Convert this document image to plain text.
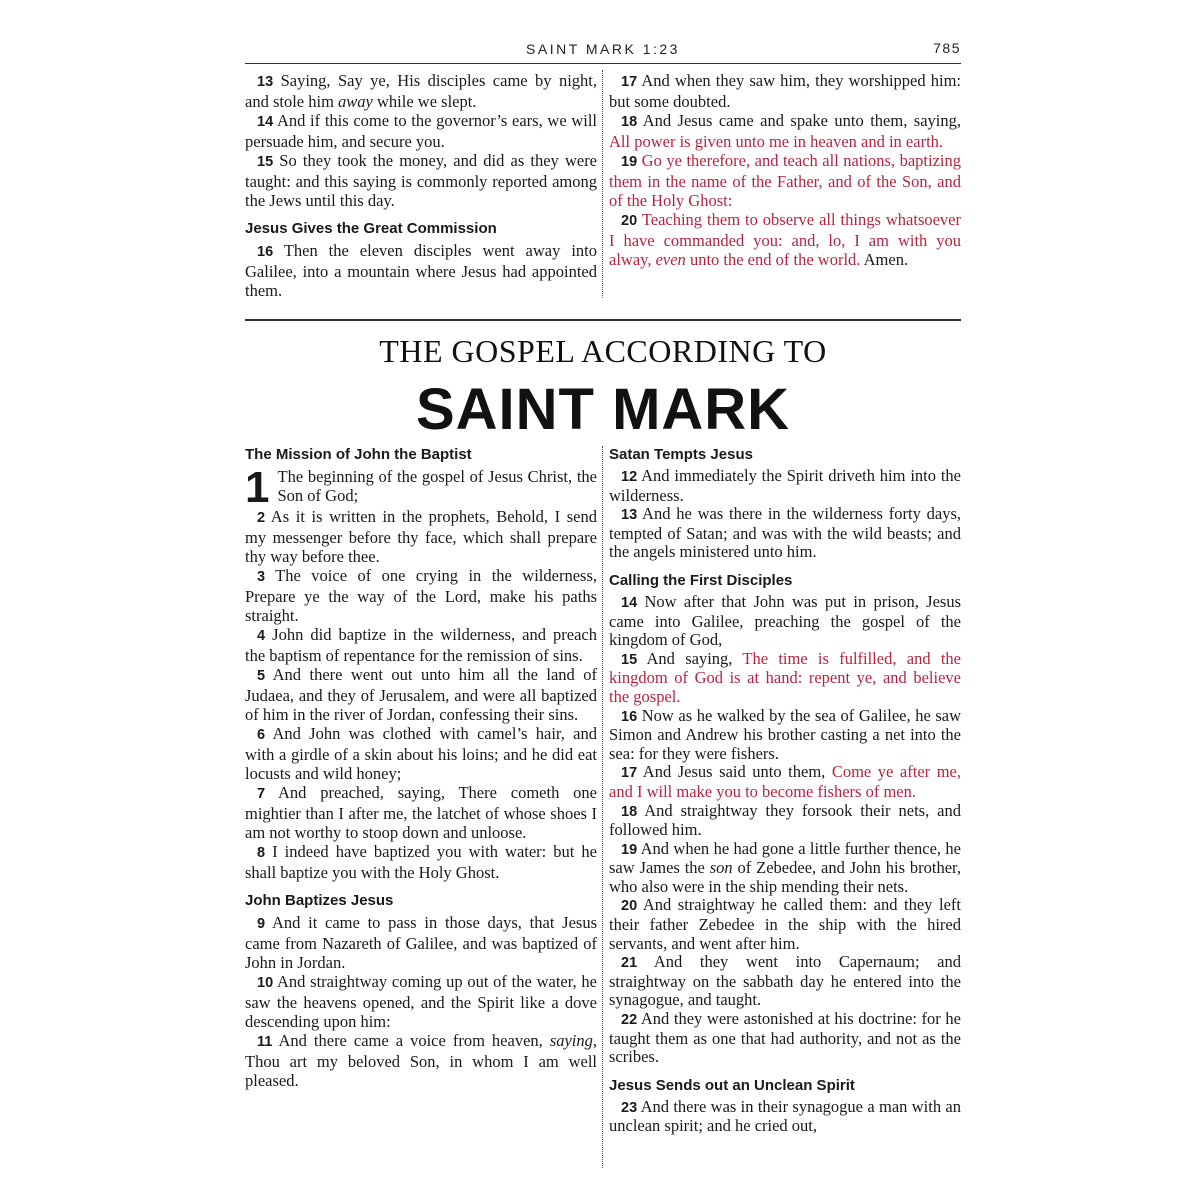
SAINT MARK 1:23	785

13 Saying, Say ye, His disciples came by night, and stole him away while we slept.

14 And if this come to the governor’s ears, we will persuade him, and secure you.

15 So they took the money, and did as they were taught: and this saying is commonly reported among the Jews until this day.

Jesus Gives the Great Commission

16 Then the eleven disciples went away into Galilee, into a mountain where Jesus had appointed them.

17 And when they saw him, they worshipped him: but some doubted.

18 And Jesus came and spake unto them, saying, All power is given unto me in heaven and in earth.

19 Go ye therefore, and teach all nations, baptizing them in the name of the Father, and of the Son, and of the Holy Ghost:

20 Teaching them to observe all things whatsoever I have commanded you: and, lo, I am with you alway, even unto the end of the world. Amen.

THE GOSPEL ACCORDING TO
SAINT MARK
The Mission of John the Baptist

1 The beginning of the gospel of Jesus Christ, the Son of God;

2 As it is written in the prophets, Behold, I send my messenger before thy face, which shall prepare thy way before thee.

3 The voice of one crying in the wilderness, Prepare ye the way of the Lord, make his paths straight.

4 John did baptize in the wilderness, and preach the baptism of repentance for the remission of sins.

5 And there went out unto him all the land of Judaea, and they of Jerusalem, and were all baptized of him in the river of Jordan, confessing their sins.

6 And John was clothed with camel’s hair, and with a girdle of a skin about his loins; and he did eat locusts and wild honey;

7 And preached, saying, There cometh one mightier than I after me, the latchet of whose shoes I am not worthy to stoop down and unloose.

8 I indeed have baptized you with water: but he shall baptize you with the Holy Ghost.

John Baptizes Jesus

9 And it came to pass in those days, that Jesus came from Nazareth of Galilee, and was baptized of John in Jordan.

10 And straightway coming up out of the water, he saw the heavens opened, and the Spirit like a dove descending upon him:

11 And there came a voice from heaven, saying, Thou art my beloved Son, in whom I am well pleased.

Satan Tempts Jesus

12 And immediately the Spirit driveth him into the wilderness.

13 And he was there in the wilderness forty days, tempted of Satan; and was with the wild beasts; and the angels ministered unto him.

Calling the First Disciples

14 Now after that John was put in prison, Jesus came into Galilee, preaching the gospel of the kingdom of God,

15 And saying, The time is fulfilled, and the kingdom of God is at hand: repent ye, and believe the gospel.

16 Now as he walked by the sea of Galilee, he saw Simon and Andrew his brother casting a net into the sea: for they were fishers.

17 And Jesus said unto them, Come ye after me, and I will make you to become fishers of men.

18 And straightway they forsook their nets, and followed him.

19 And when he had gone a little further thence, he saw James the son of Zebedee, and John his brother, who also were in the ship mending their nets.

20 And straightway he called them: and they left their father Zebedee in the ship with the hired servants, and went after him.

21 And they went into Capernaum; and straightway on the sabbath day he entered into the synagogue, and taught.

22 And they were astonished at his doctrine: for he taught them as one that had authority, and not as the scribes.

Jesus Sends out an Unclean Spirit

23 And there was in their synagogue a man with an unclean spirit; and he cried out,
